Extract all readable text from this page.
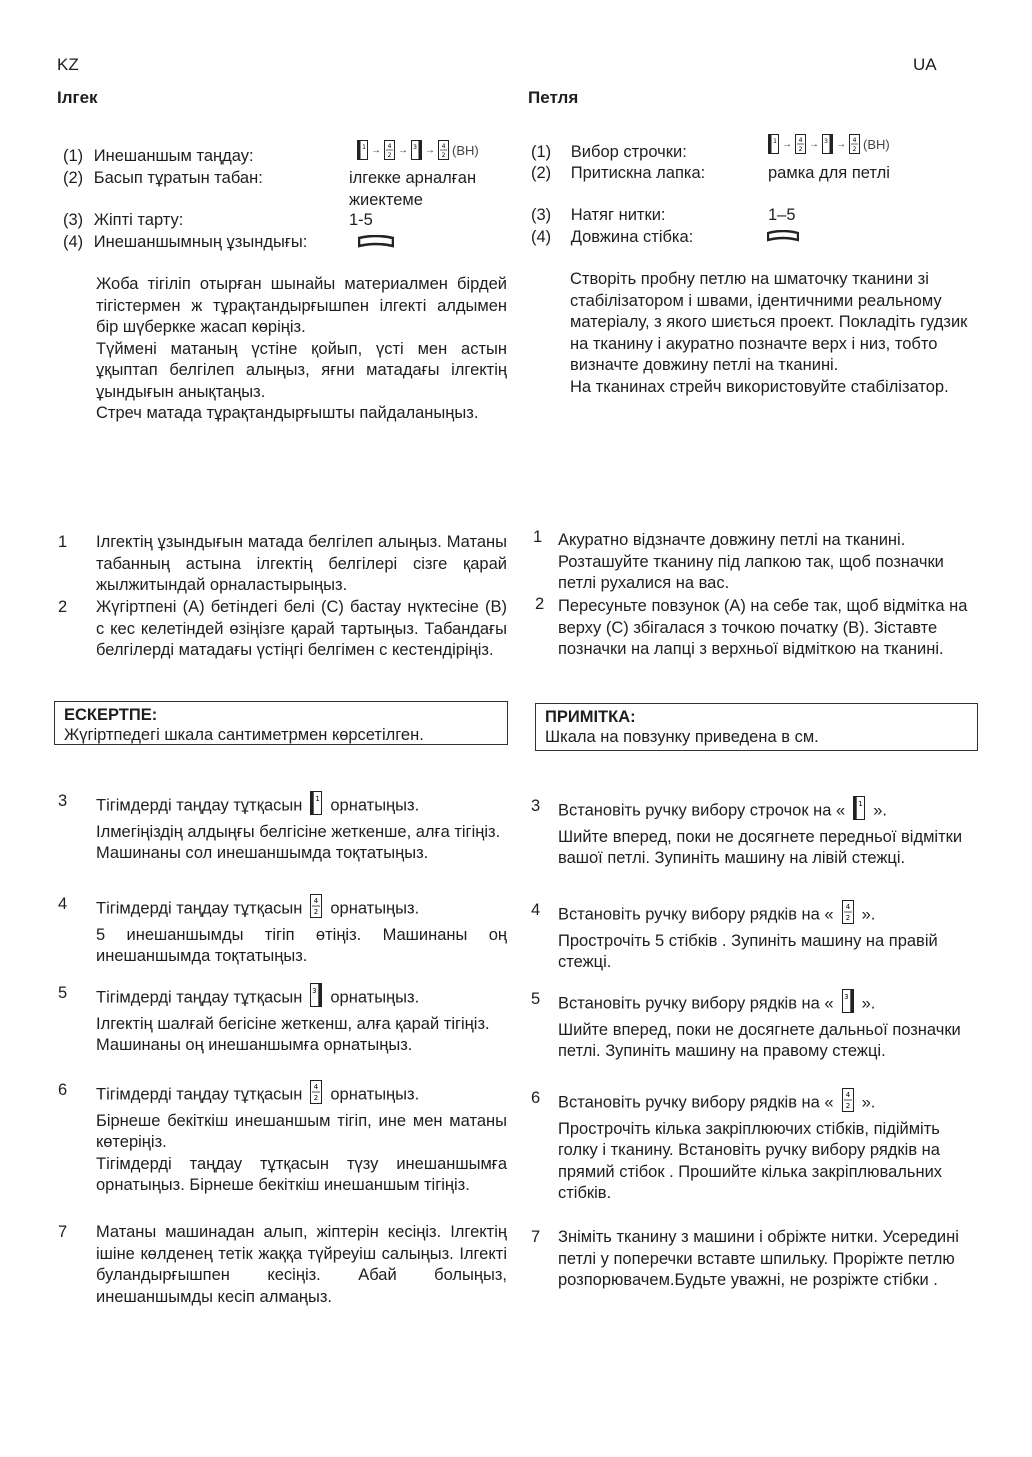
KZ	UA
Ілгек
(1) Инешаншым таңдау:	1 → 4
2 → 3 → 4
2 (ВН)
(2) Басып тұратын табан:	ілгекке арналған жиектеме
(3) Жіпті тарту:	1-5
(4) Инешаншымның ұзындығы:
Жоба тігіліп отырған шынайы материалмен бірдей тігістермен ж тұрақтандырғышпен ілгекті алдымен бір шүберкке жасап көріңіз.
Түймені матаның үстіне қойып, үсті мен астын ұқыптап белгілеп алыңыз, яғни матадағы ілгектің ұындығын анықтаңыз.
Стреч матада тұрақтандырғышты пайдаланыңыз.
1 Ілгектің ұзындығын матада белгілеп алыңыз. Матаны табанның астына ілгектің белгілері сізге қарай жылжитындай орналастырыңыз.
2 Жүгіртпені (А) бетіндегі белі (С) бастау нүктесіне (В) с кес келетіндей өзіңізге қарай тартыңыз. Табандағы белгілерді матадағы үстіңгі белгімен с кестендіріңіз.
ЕСКЕРТПЕ:
Жүгіртпедегі шкала сантиметрмен көрсетілген.
3 Тігімдерді таңдау тұтқасын 1 орнатыңыз.
Ілмегіңіздің алдыңғы белгісіне жеткенше, алға тігіңіз.
Машинаны сол инешаншымда тоқтатыңыз.
4 Тігімдерді таңдау тұтқасын 4
2 орнатыңыз.
5 инешаншымды тігіп өтіңіз. Машинаны оң инешаншымда тоқтатыңыз.
5 Тігімдерді таңдау тұтқасын 3 орнатыңыз.
Ілгектің шалғай бегісіне жеткенш, алға қарай тігіңіз.
Машинаны оң инешаншымға орнатыңыз.
6 Тігімдерді таңдау тұтқасын 4
2 орнатыңыз.
Бірнеше бекіткіш инешаншым тігіп, ине мен матаны көтеріңіз.
Тігімдерді таңдау тұтқасын түзу инешаншымға орнатыңыз. Бірнеше бекіткіш инешаншым тігіңіз.
7 Матаны машинадан алып, жіптерін кесіңіз. Ілгектің ішіне көлденең тетік жаққа түйреуіш салыңыз. Ілгекті буландырғышпен кесіңіз. Абай болыңыз, инешаншымды кесіп алмаңыз.
Петля
(1) Вибор строчки:
1 → 4
2 → 3 → 4
2 (ВН)
(2) Притискна лапка:	рамка для петлі
(3) Натяг нитки:	1–5
(4) Довжина стібка:
Створіть пробну петлю на шматочку тканини зі стабілізатором і швами, ідентичними реальному матеріалу, з якого шиється проект. Покладіть гудзик на тканину і акуратно позначте верх і низ, тобто визначте довжину петлі на тканині.
На тканинах стрейч використовуйте стабілізатор.
1 Акуратно відзначте довжину петлі на тканині. Розташуйте тканину під лапкою так, щоб позначки петлі рухалися на вас.
2 Пересуньте повзунок (A) на себе так, щоб відмітка на верху (C) збігалася з точкою початку (B). Зіставте позначки на лапці з верхньої відміткою на тканині.
ПРИМІТКА:
Шкала на повзунку приведена в см.
3 Встановіть ручку вибору строчок на « 1 ».
Шийте вперед, поки не досягнете передньої відмітки вашої петлі. Зупиніть машину на лівій стежці.
4 Встановіть ручку вибору рядків на « 4
2 ».
Прострочіть 5 стібків . Зупиніть машину на правій стежці.
5 Встановіть ручку вибору рядків на « 3 ».
Шийте вперед, поки не досягнете дальньої позначки петлі. Зупиніть машину на правому стежці.
6 Встановіть ручку вибору рядків на « 4
2 ».
Прострочіть кілька закріплюючих стібків, підійміть голку і тканину. Встановіть ручку вибору рядків на прямий стібок . Прошийте кілька закріплювальних стібків.
7 Зніміть тканину з машини і обріжте нитки. Усередині петлі у поперечки вставте шпильку. Проріжте петлю розпорювачем.Будьте уважні, не розріжте стібки .
